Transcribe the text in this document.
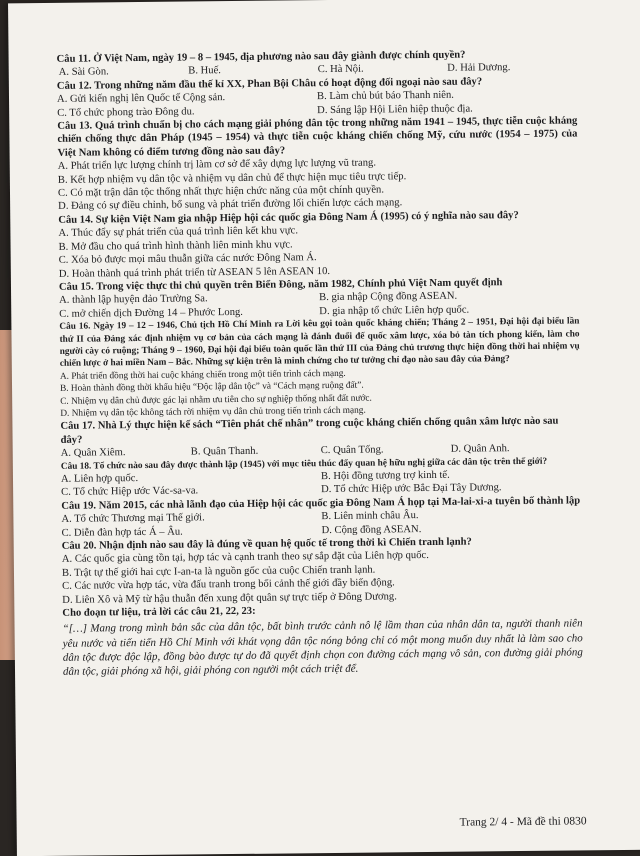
Câu 11. Ở Việt Nam, ngày 19 – 8 – 1945, địa phương nào sau đây giành được chính quyền?

A. Sài Gòn.	B. Huế.	C. Hà Nội.	D. Hải Dương.

Câu 12. Trong những năm đầu thế kỉ XX, Phan Bội Châu có hoạt động đối ngoại nào sau đây?

A. Gửi kiến nghị lên Quốc tế Cộng sản.	B. Làm chủ bút báo Thanh niên.
C. Tổ chức phong trào Đông du.	D. Sáng lập Hội Liên hiệp thuộc địa.

Câu 13. Quá trình chuẩn bị cho cách mạng giải phóng dân tộc trong những năm 1941 – 1945, thực tiễn cuộc kháng chiến chống thực dân Pháp (1945 – 1954) và thực tiễn cuộc kháng chiến chống Mỹ, cứu nước (1954 – 1975) của Việt Nam không có điểm tương đồng nào sau đây?

A. Phát triển lực lượng chính trị làm cơ sở để xây dựng lực lượng vũ trang.
B. Kết hợp nhiệm vụ dân tộc và nhiệm vụ dân chủ để thực hiện mục tiêu trực tiếp.
C. Có mặt trận dân tộc thống nhất thực hiện chức năng của một chính quyền.
D. Đảng có sự điều chỉnh, bổ sung và phát triển đường lối chiến lược cách mạng.

Câu 14. Sự kiện Việt Nam gia nhập Hiệp hội các quốc gia Đông Nam Á (1995) có ý nghĩa nào sau đây?

A. Thúc đẩy sự phát triển của quá trình liên kết khu vực.
B. Mở đầu cho quá trình hình thành liên minh khu vực.
C. Xóa bỏ được mọi mâu thuẫn giữa các nước Đông Nam Á.
D. Hoàn thành quá trình phát triển từ ASEAN 5 lên ASEAN 10.

Câu 15. Trong việc thực thi chủ quyền trên Biển Đông, năm 1982, Chính phủ Việt Nam quyết định

A. thành lập huyện đảo Trường Sa.	B. gia nhập Cộng đồng ASEAN.
C. mở chiến dịch Đường 14 – Phước Long.	D. gia nhập tổ chức Liên hợp quốc.

Câu 16. Ngày 19 – 12 – 1946, Chủ tịch Hồ Chí Minh ra Lời kêu gọi toàn quốc kháng chiến; Tháng 2 – 1951, Đại hội đại biểu lần thứ II của Đảng xác định nhiệm vụ cơ bản của cách mạng là đánh đuổi đế quốc xâm lược, xóa bỏ tàn tích phong kiến, làm cho người cày có ruộng; Tháng 9 – 1960, Đại hội đại biểu toàn quốc lần thứ III của Đảng chủ trương thực hiện đồng thời hai nhiệm vụ chiến lược ở hai miền Nam – Bắc. Những sự kiện trên là minh chứng cho tư tưởng chỉ đạo nào sau đây của Đảng?

A. Phát triển đồng thời hai cuộc kháng chiến trong một tiến trình cách mạng.
B. Hoàn thành đồng thời khẩu hiệu “Độc lập dân tộc” và “Cách mạng ruộng đất”.
C. Nhiệm vụ dân chủ được gác lại nhằm ưu tiên cho sự nghiệp thống nhất đất nước.
D. Nhiệm vụ dân tộc không tách rời nhiệm vụ dân chủ trong tiến trình cách mạng.

Câu 17. Nhà Lý thực hiện kế sách “Tiên phát chế nhân” trong cuộc kháng chiến chống quân xâm lược nào sau đây?

A. Quân Xiêm.	B. Quân Thanh.	C. Quân Tống.	D. Quân Anh.

Câu 18. Tổ chức nào sau đây được thành lập (1945) với mục tiêu thúc đẩy quan hệ hữu nghị giữa các dân tộc trên thế giới?

A. Liên hợp quốc.	B. Hội đồng tương trợ kinh tế.
C. Tổ chức Hiệp ước Vác-sa-va.	D. Tổ chức Hiệp ước Bắc Đại Tây Dương.

Câu 19. Năm 2015, các nhà lãnh đạo của Hiệp hội các quốc gia Đông Nam Á họp tại Ma-lai-xi-a tuyên bố thành lập

A. Tổ chức Thương mại Thế giới.	B. Liên minh châu Âu.
C. Diễn đàn hợp tác Á – Âu.	D. Cộng đồng ASEAN.

Câu 20. Nhận định nào sau đây là đúng về quan hệ quốc tế trong thời kì Chiến tranh lạnh?

A. Các quốc gia cùng tồn tại, hợp tác và cạnh tranh theo sự sắp đặt của Liên hợp quốc.
B. Trật tự thế giới hai cực I-an-ta là nguồn gốc của cuộc Chiến tranh lạnh.
C. Các nước vừa hợp tác, vừa đấu tranh trong bối cảnh thế giới đầy biến động.
D. Liên Xô và Mỹ từ hậu thuẫn đến xung đột quân sự trực tiếp ở Đông Dương.

Cho đoạn tư liệu, trả lời các câu 21, 22, 23:

“[…] Mang trong mình bản sắc của dân tộc, bất bình trước cảnh nô lệ lầm than của nhân dân ta, người thanh niên yêu nước và tiến tiến Hồ Chí Minh với khát vọng dân tộc nóng bỏng chỉ có một mong muốn duy nhất là làm sao cho dân tộc được độc lập, đồng bào được tự do đã quyết định chọn con đường cách mạng vô sản, con đường giải phóng dân tộc, giải phóng xã hội, giải phóng con người một cách triệt để.

Trang 2/ 4 - Mã đề thi 0830
